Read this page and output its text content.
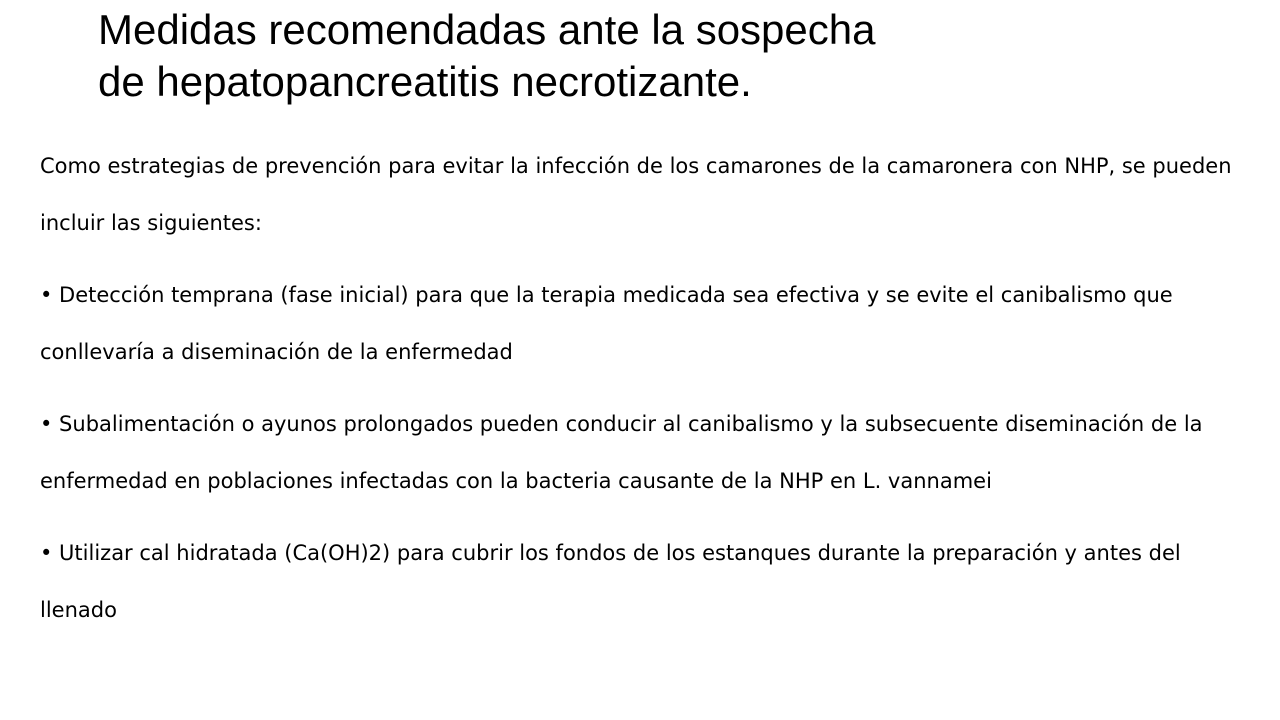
Medidas recomendadas ante la sospecha
de hepatopancreatitis necrotizante.

Como estrategias de prevención para evitar la infección de los camarones de la camaronera con NHP, se pueden incluir las siguientes:

• Detección temprana (fase inicial) para que la terapia medicada sea efectiva y se evite el canibalismo que conllevaría a diseminación de la enfermedad

• Subalimentación o ayunos prolongados pueden conducir al canibalismo y la subsecuente diseminación de la enfermedad en poblaciones infectadas con la bacteria causante de la NHP en L. vannamei

• Utilizar cal hidratada (Ca(OH)2) para cubrir los fondos de los estanques durante la preparación y antes del llenado
